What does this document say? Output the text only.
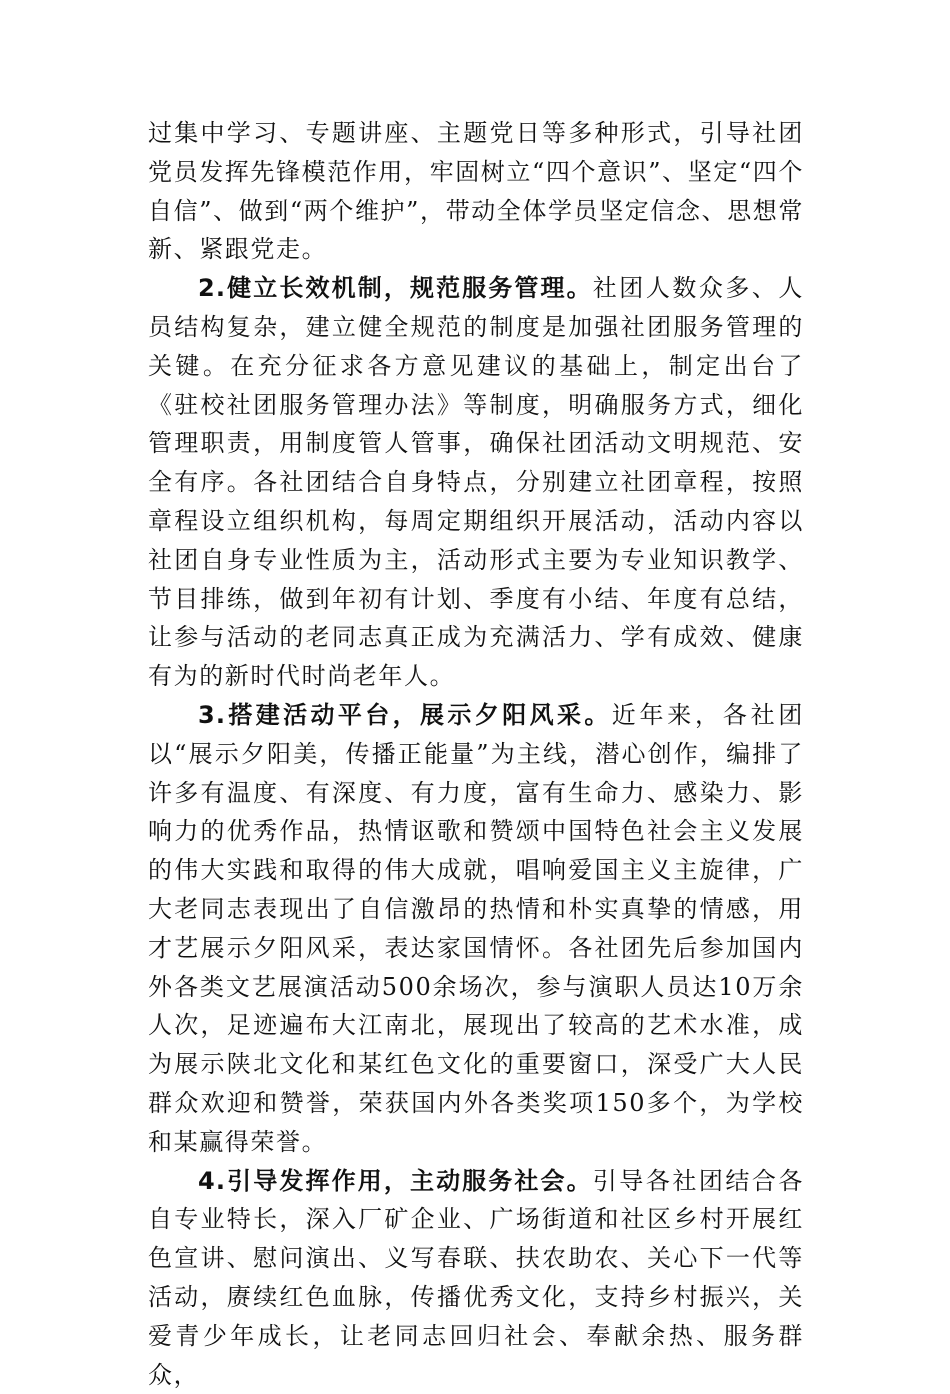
过集中学习、专题讲座、主题党日等多种形式，引导社团党员发挥先锋模范作用，牢固树立“四个意识”、坚定“四个自信”、做到“两个维护”，带动全体学员坚定信念、思想常新、紧跟党走。

2.健立长效机制，规范服务管理。社团人数众多、人员结构复杂，建立健全规范的制度是加强社团服务管理的关键。在充分征求各方意见建议的基础上，制定出台了《驻校社团服务管理办法》等制度，明确服务方式，细化管理职责，用制度管人管事，确保社团活动文明规范、安全有序。各社团结合自身特点，分别建立社团章程，按照章程设立组织机构，每周定期组织开展活动，活动内容以社团自身专业性质为主，活动形式主要为专业知识教学、节目排练，做到年初有计划、季度有小结、年度有总结，让参与活动的老同志真正成为充满活力、学有成效、健康有为的新时代时尚老年人。

3.搭建活动平台，展示夕阳风采。近年来，各社团以“展示夕阳美，传播正能量”为主线，潜心创作，编排了许多有温度、有深度、有力度，富有生命力、感染力、影响力的优秀作品，热情讴歌和赞颂中国特色社会主义发展的伟大实践和取得的伟大成就，唱响爱国主义主旋律，广大老同志表现出了自信激昂的热情和朴实真挚的情感，用才艺展示夕阳风采，表达家国情怀。各社团先后参加国内外各类文艺展演活动500余场次，参与演职人员达10万余人次，足迹遍布大江南北，展现出了较高的艺术水准，成为展示陕北文化和某红色文化的重要窗口，深受广大人民群众欢迎和赞誉，荣获国内外各类奖项150多个，为学校和某赢得荣誉。

4.引导发挥作用，主动服务社会。引导各社团结合各自专业特长，深入厂矿企业、广场街道和社区乡村开展红色宣讲、慰问演出、义写春联、扶农助农、关心下一代等活动，赓续红色血脉，传播优秀文化，支持乡村振兴，关爱青少年成长，让老同志回归社会、奉献余热、服务群众，
